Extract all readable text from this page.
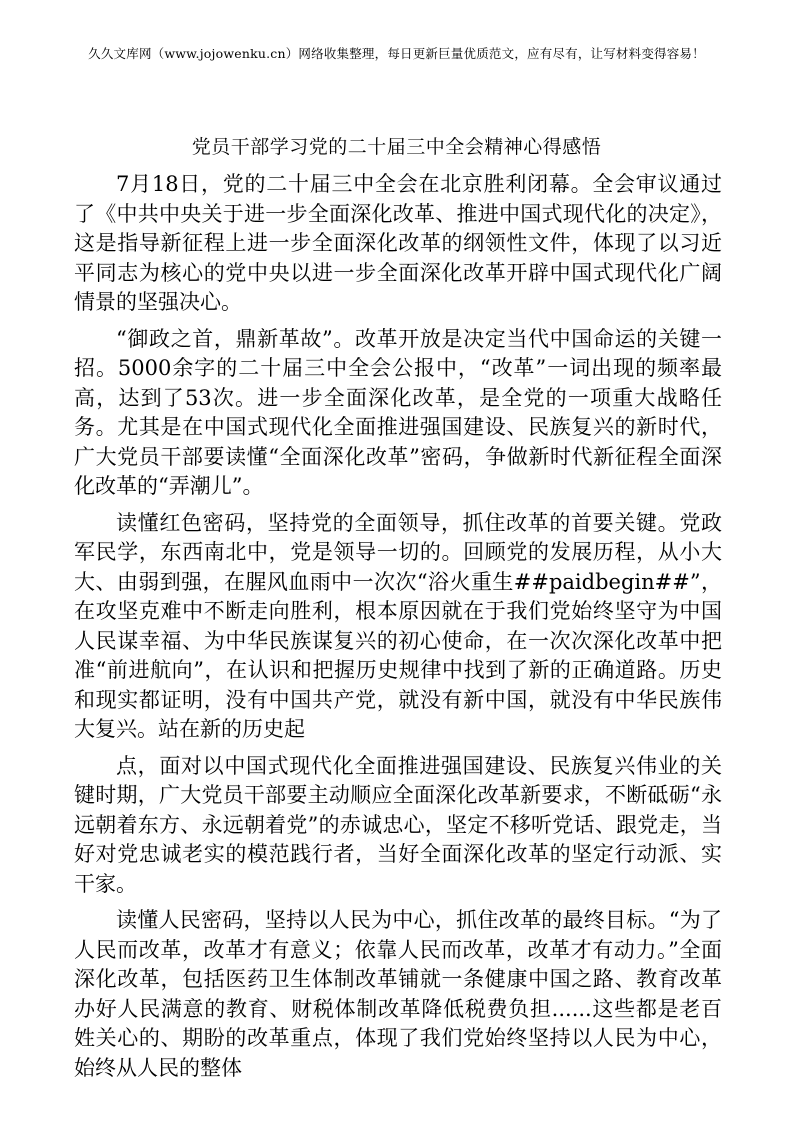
久久文库网（www.jojowenku.cn）网络收集整理，每日更新巨量优质范文，应有尽有，让写材料变得容易！
党员干部学习党的二十届三中全会精神心得感悟

7月18日，党的二十届三中全会在北京胜利闭幕。全会审议通过了《中共中央关于进一步全面深化改革、推进中国式现代化的决定》，这是指导新征程上进一步全面深化改革的纲领性文件，体现了以习近平同志为核心的党中央以进一步全面深化改革开辟中国式现代化广阔情景的坚强决心。

“御政之首，鼎新革故”。改革开放是决定当代中国命运的关键一招。5000余字的二十届三中全会公报中，“改革”一词出现的频率最高，达到了53次。进一步全面深化改革，是全党的一项重大战略任务。尤其是在中国式现代化全面推进强国建设、民族复兴的新时代，广大党员干部要读懂“全面深化改革”密码，争做新时代新征程全面深化改革的“弄潮儿”。

读懂红色密码，坚持党的全面领导，抓住改革的首要关键。党政军民学，东西南北中，党是领导一切的。回顾党的发展历程，从小大大、由弱到强，在腥风血雨中一次次“浴火重生##paidbegin##”，在攻坚克难中不断走向胜利，根本原因就在于我们党始终坚守为中国人民谋幸福、为中华民族谋复兴的初心使命，在一次次深化改革中把准“前进航向”，在认识和把握历史规律中找到了新的正确道路。历史和现实都证明，没有中国共产党，就没有新中国，就没有中华民族伟大复兴。站在新的历史起

点，面对以中国式现代化全面推进强国建设、民族复兴伟业的关键时期，广大党员干部要主动顺应全面深化改革新要求，不断砥砺“永远朝着东方、永远朝着党”的赤诚忠心，坚定不移听党话、跟党走，当好对党忠诚老实的模范践行者，当好全面深化改革的坚定行动派、实干家。

读懂人民密码，坚持以人民为中心，抓住改革的最终目标。“为了人民而改革，改革才有意义；依靠人民而改革，改革才有动力。”全面深化改革，包括医药卫生体制改革铺就一条健康中国之路、教育改革办好人民满意的教育、财税体制改革降低税费负担......这些都是老百姓关心的、期盼的改革重点，体现了我们党始终坚持以人民为中心，始终从人民的整体
